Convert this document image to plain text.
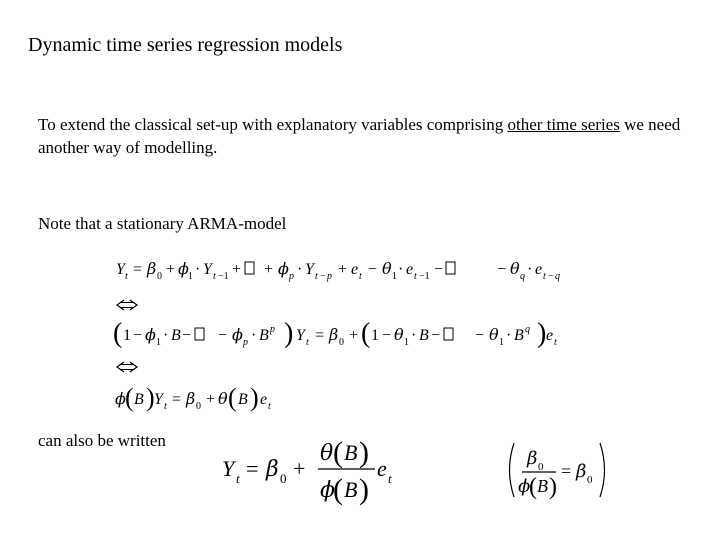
Dynamic time series regression models
To extend the classical set-up with explanatory variables comprising other time series we need another way of modelling.
Note that a stationary ARMA-model
can also be written
Y t = β 0 + ϕ 1 · Y t −1 + + ϕ p · Y t − p + e t − θ 1 · e t −1 −	− θ q · e t − q
( 1 − ϕ 1 · B − − ϕ p · B p ) Y t = β 0 + ( 1 − θ 1 · B − − θ 1 · B q ) e t
ϕ ( B ) Y t = β 0 + θ ( B ) e t
Y t = β 0 +
θ ( B )
ϕ
( B )
e t
β 0
ϕ
( B )
= β 0
